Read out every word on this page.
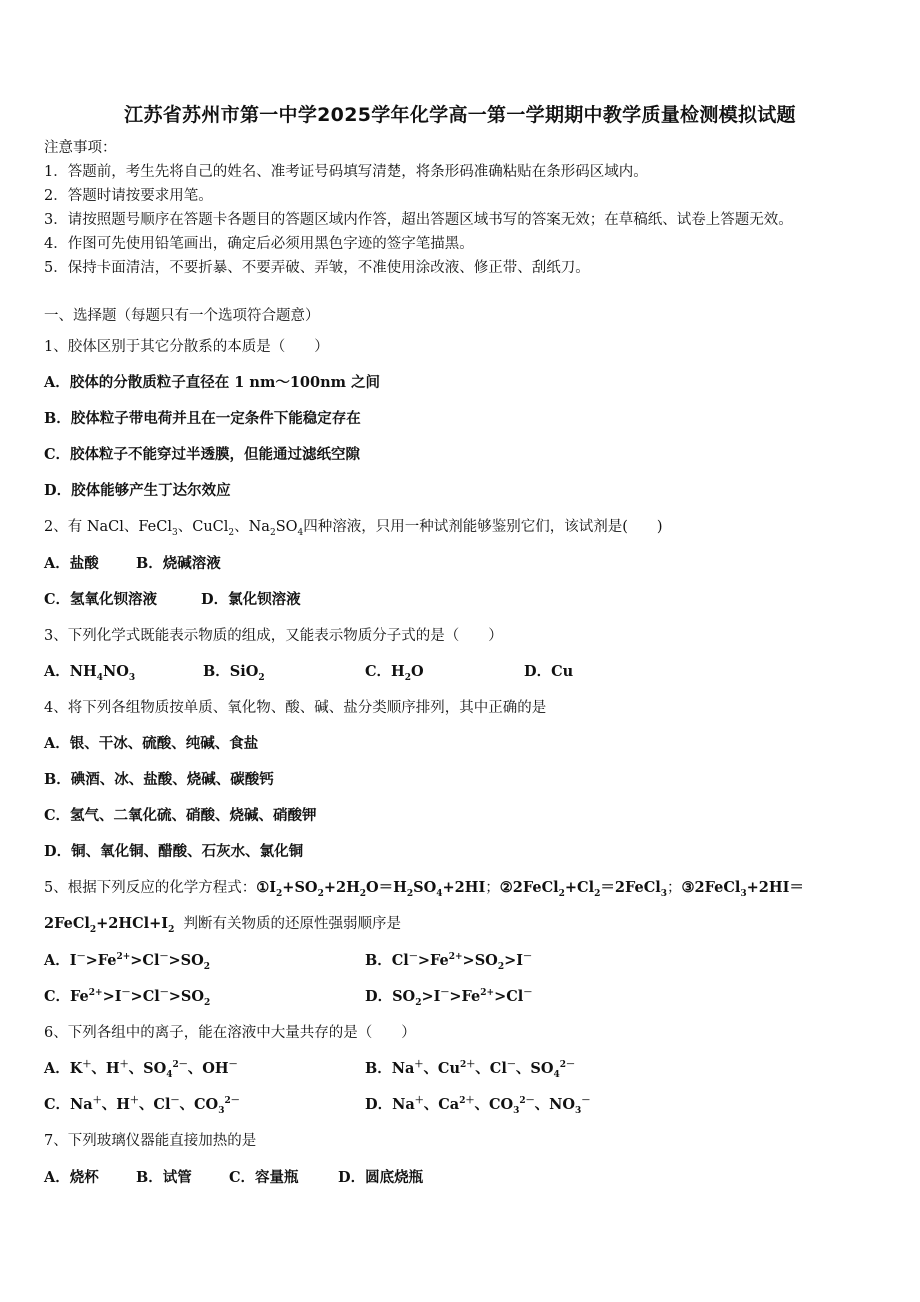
江苏省苏州市第一中学2025学年化学高一第一学期期中教学质量检测模拟试题
注意事项：
1．答题前，考生先将自己的姓名、准考证号码填写清楚，将条形码准确粘贴在条形码区域内。
2．答题时请按要求用笔。
3．请按照题号顺序在答题卡各题目的答题区域内作答，超出答题区域书写的答案无效；在草稿纸、试卷上答题无效。
4．作图可先使用铅笔画出，确定后必须用黑色字迹的签字笔描黑。
5．保持卡面清洁，不要折暴、不要弄破、弄皱，不准使用涂改液、修正带、刮纸刀。
一、选择题（每题只有一个选项符合题意）
1、胶体区别于其它分散系的本质是（　　）
A．胶体的分散质粒子直径在 1 nm～100nm 之间
B．胶体粒子带电荷并且在一定条件下能稳定存在
C．胶体粒子不能穿过半透膜，但能通过滤纸空隙
D．胶体能够产生丁达尔效应
2、有 NaCl、FeCl$_3$、CuCl$_2$、$Na_2SO_4$四种溶液，只用一种试剂能够鉴别它们，该试剂是(　　)
A．盐酸	B．烧碱溶液
C．氢氧化钡溶液	D．氯化钡溶液
3、下列化学式既能表示物质的组成，又能表示物质分子式的是（　　）
A．$NH_4NO_3$	B．SiO$_2$	C．$H_2O$	D．Cu
4、将下列各组物质按单质、氧化物、酸、碱、盐分类顺序排列，其中正确的是
A．银、干冰、硫酸、纯碱、食盐
B．碘酒、冰、盐酸、烧碱、碳酸钙
C．氢气、二氧化硫、硝酸、烧碱、硝酸钾
D．铜、氧化铜、醋酸、石灰水、氯化铜
5、根据下列反应的化学方程式：$①I_2+SO_2+2H_2O=H_2SO_4+2HI$；$②2FeCl_2+Cl_2=2FeCl_3$；③2FeCl$_3$+2HI＝
$2FeCl_2+2HCl+I_2$ 判断有关物质的还原性强弱顺序是
A．$I^->Fe^{2+}>Cl^->SO_2$	B．$Cl^->Fe^{2+}>SO_2>I^-$
C．$Fe^{2+}>I^->Cl^->SO_2$	D．$SO_2>I^->Fe^{2+}>Cl^-$
6、下列各组中的离子，能在溶液中大量共存的是（　　）
A．K＋、H＋、$SO_4^{2-}$、OH－	B．Na＋、$Cu^{2+}$、Cl－、$SO_4^{2-}$
C．Na＋、H＋、Cl－、$CO_3^{2-}$	D．Na＋、$Ca^{2+}$、$CO_3^{2-}$、$NO_3^-$
7、下列玻璃仪器能直接加热的是
A．烧杯	B．试管	C．容量瓶	D．圆底烧瓶
